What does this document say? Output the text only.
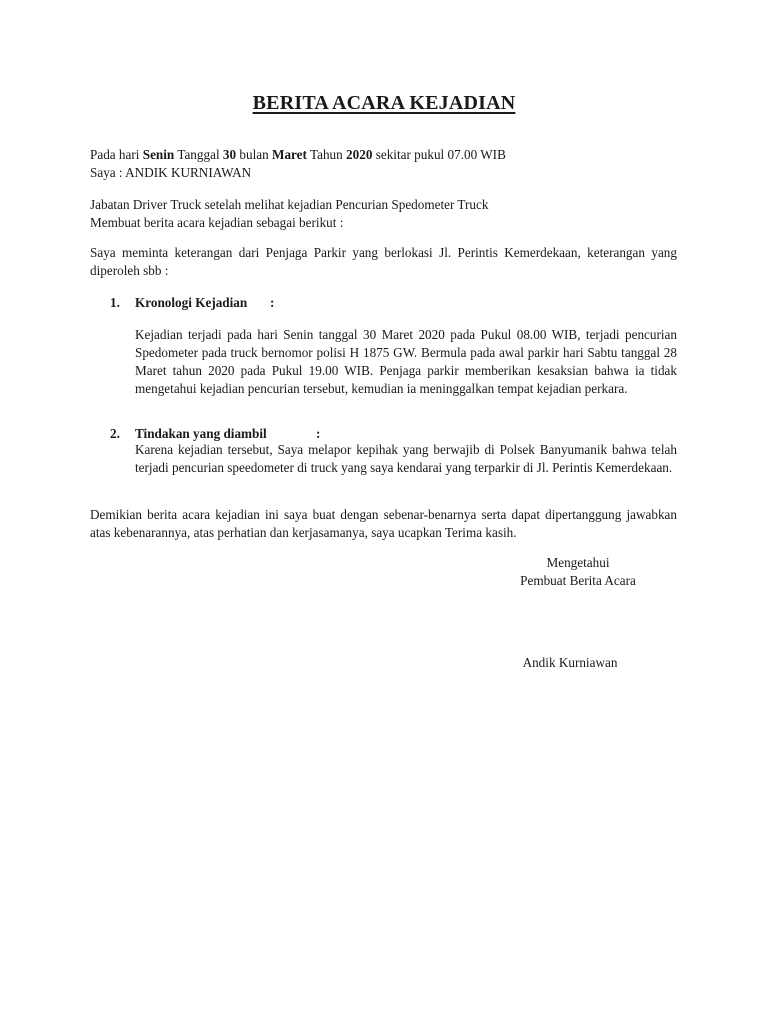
BERITA ACARA KEJADIAN
Pada hari Senin Tanggal 30 bulan Maret Tahun 2020 sekitar pukul 07.00 WIB
Saya : ANDIK KURNIAWAN
Jabatan Driver Truck setelah melihat kejadian Pencurian Spedometer Truck
Membuat berita acara kejadian sebagai berikut :
Saya meminta keterangan dari Penjaga Parkir yang berlokasi Jl. Perintis Kemerdekaan, keterangan yang diperoleh sbb :
1. Kronologi Kejadian :
Kejadian terjadi pada hari Senin tanggal 30 Maret 2020 pada Pukul 08.00 WIB, terjadi pencurian Spedometer pada truck bernomor polisi H 1875 GW. Bermula pada awal parkir hari Sabtu tanggal 28 Maret tahun 2020 pada Pukul 19.00 WIB. Penjaga parkir memberikan kesaksian bahwa ia tidak mengetahui kejadian pencurian tersebut, kemudian ia meninggalkan tempat kejadian perkara.
2. Tindakan yang diambil	:
Karena kejadian tersebut, Saya melapor kepihak yang berwajib di Polsek Banyumanik bahwa telah terjadi pencurian speedometer di truck yang saya kendarai yang terparkir di Jl. Perintis Kemerdekaan.
Demikian berita acara kejadian ini saya buat dengan sebenar-benarnya serta dapat dipertanggung jawabkan atas kebenarannya, atas perhatian dan kerjasamanya, saya ucapkan Terima kasih.
Mengetahui
Pembuat Berita Acara
Andik Kurniawan
